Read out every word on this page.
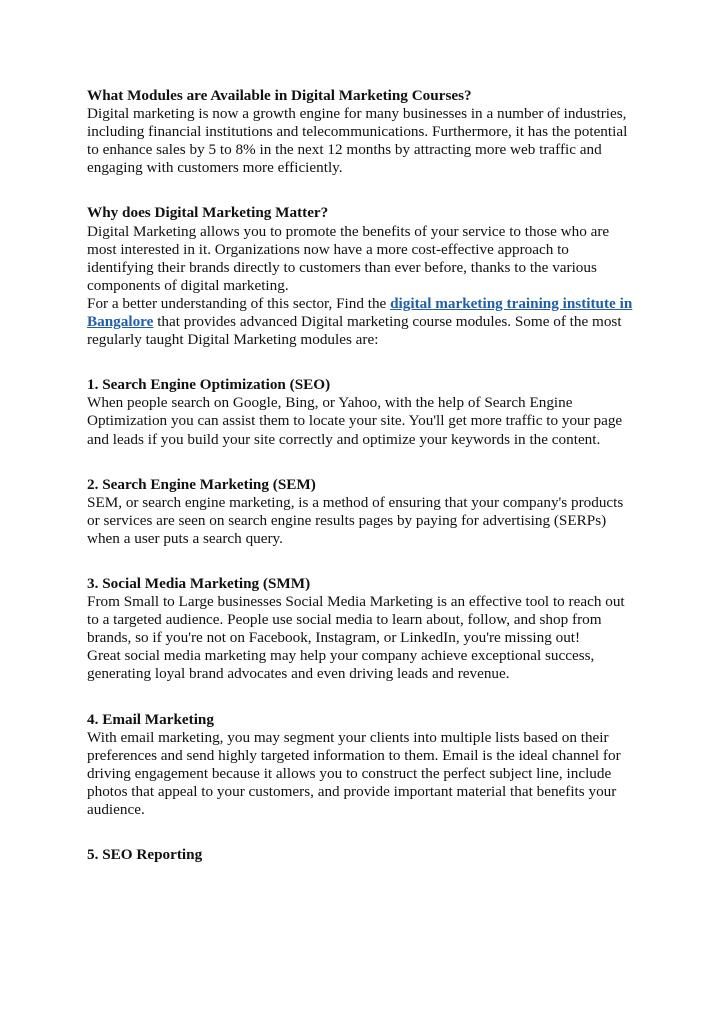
What Modules are Available in Digital Marketing Courses?

Digital marketing is now a growth engine for many businesses in a number of industries, including financial institutions and telecommunications. Furthermore, it has the potential to enhance sales by 5 to 8% in the next 12 months by attracting more web traffic and engaging with customers more efficiently.

Why does Digital Marketing Matter?

Digital Marketing allows you to promote the benefits of your service to those who are most interested in it. Organizations now have a more cost-effective approach to identifying their brands directly to customers than ever before, thanks to the various components of digital marketing.

For a better understanding of this sector, Find the digital marketing training institute in Bangalore that provides advanced Digital marketing course modules. Some of the most regularly taught Digital Marketing modules are:

1. Search Engine Optimization (SEO)

When people search on Google, Bing, or Yahoo, with the help of Search Engine Optimization you can assist them to locate your site. You'll get more traffic to your page and leads if you build your site correctly and optimize your keywords in the content.

2. Search Engine Marketing (SEM)

SEM, or search engine marketing, is a method of ensuring that your company's products or services are seen on search engine results pages by paying for advertising (SERPs) when a user puts a search query.

3. Social Media Marketing (SMM)

From Small to Large businesses Social Media Marketing is an effective tool to reach out to a targeted audience. People use social media to learn about, follow, and shop from brands, so if you're not on Facebook, Instagram, or LinkedIn, you're missing out!

Great social media marketing may help your company achieve exceptional success, generating loyal brand advocates and even driving leads and revenue.

4. Email Marketing

With email marketing, you may segment your clients into multiple lists based on their preferences and send highly targeted information to them. Email is the ideal channel for driving engagement because it allows you to construct the perfect subject line, include photos that appeal to your customers, and provide important material that benefits your audience.

5. SEO Reporting
